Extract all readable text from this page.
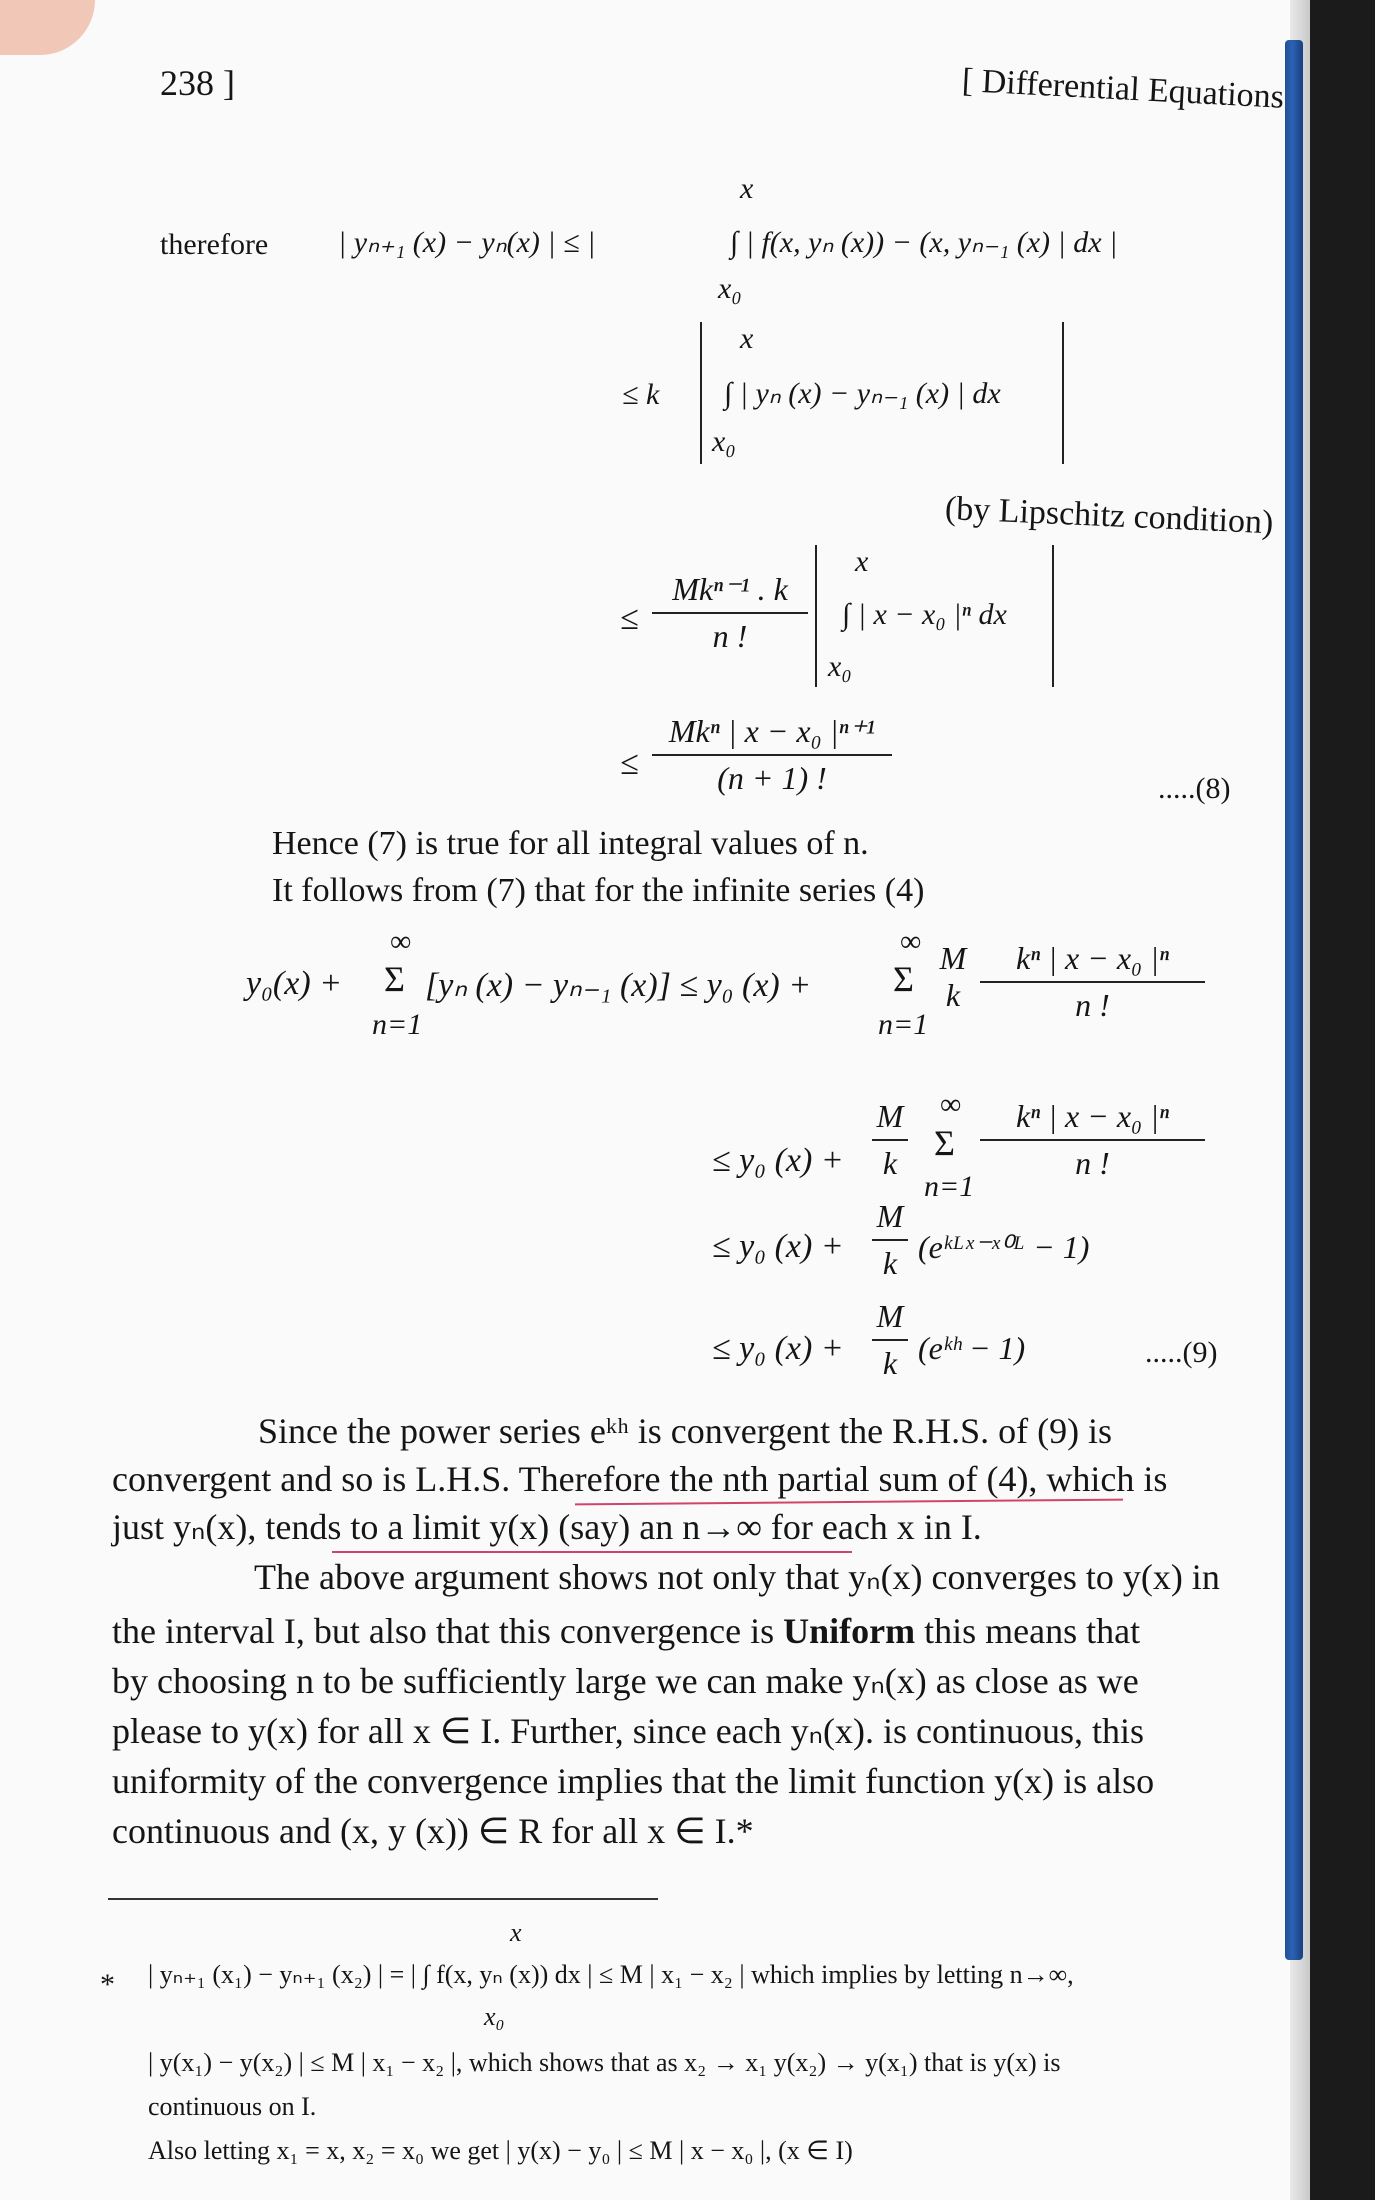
238 ]	[ Differential Equations
therefore
x
| yₙ₊₁ (x) − yₙ(x) | ≤ |	∫ | f(x, yₙ (x)) − (x, yₙ₋₁ (x) | dx |
x₀
≤ k
x
∫ | yₙ (x) − yₙ₋₁ (x) | dx
x₀
(by Lipschitz condition)
≤
Mkⁿ⁻¹ . k
n !
x
∫ | x − x₀ |ⁿ dx
x₀
≤
Mkⁿ | x − x₀ |ⁿ⁺¹
(n + 1) !	.....(8)
Hence (7) is true for all integral values of n.
It follows from (7) that for the infinite series (4)
y₀(x) +
∞
Σ
n=1
[yₙ (x) − yₙ₋₁ (x)] ≤ y₀ (x) +
∞
Σ
n=1
M
k
kⁿ | x − x₀ |ⁿ
n !
≤ y₀ (x) +
M
k
∞
Σ
n=1
kⁿ | x − x₀ |ⁿ
n !
≤ y₀ (x) +
M
k (eᵏᴸˣ⁻ˣ⁰ᴸ − 1)
≤ y₀ (x) +
M
k (eᵏʰ − 1)	.....(9)
Since the power series eᵏʰ is convergent the R.H.S. of (9) is
convergent and so is L.H.S. Therefore the nth partial sum of (4), which is
just yₙ(x), tends to a limit y(x) (say) an n→∞ for each x in I.
The above argument shows not only that yₙ(x) converges to y(x) in
the interval I, but also that this convergence is Uniform this means that
by choosing n to be sufficiently large we can make yₙ(x) as close as we
please to y(x) for all x ∈ I. Further, since each yₙ(x). is continuous, this
uniformity of the convergence implies that the limit function y(x) is also
continuous and (x, y (x)) ∈ R for all x ∈ I.*
*
x
| yₙ₊₁ (x₁) − yₙ₊₁ (x₂) | = | ∫ f(x, yₙ (x)) dx | ≤ M | x₁ − x₂ | which implies by letting n→∞,
x₀
| y(x₁) − y(x₂) | ≤ M | x₁ − x₂ |, which shows that as x₂ → x₁ y(x₂) → y(x₁) that is y(x) is
continuous on I.
Also letting x₁ = x, x₂ = x₀ we get | y(x) − y₀ | ≤ M | x − x₀ |, (x ∈ I)
